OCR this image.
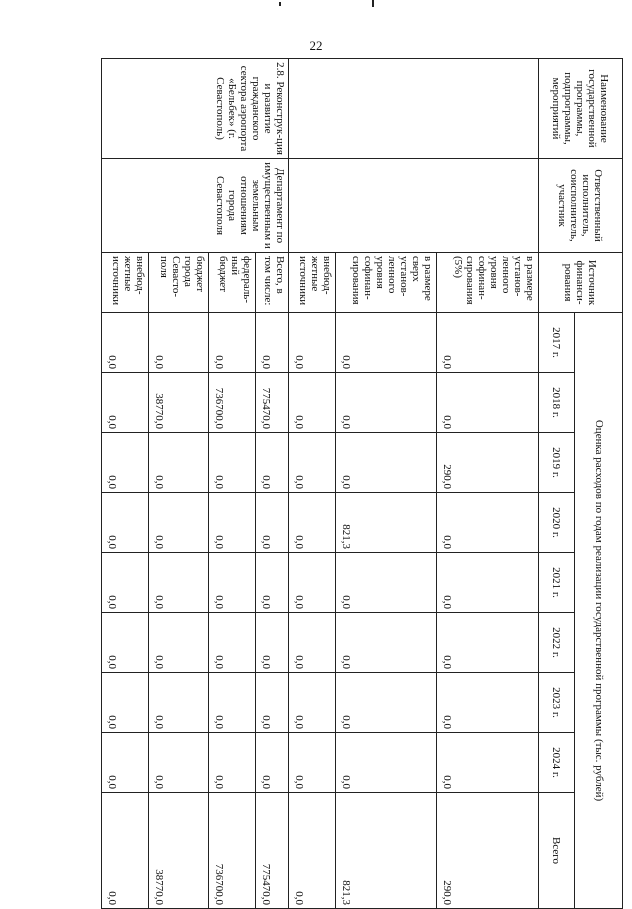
22
Наименование государственной программы, подпрограммы, мероприятий	Ответственный исполнитель, соисполнитель, участник	Источник финанси-рования	Оценка расходов по годам реализации государственной программы (тыс. рублей)								
			2017 г.	2018 г.	2019 г.	2020 г.	2021 г.	2022 г.	2023 г.	2024 г.	Всего
		в размере установ-ленного уровня софинан-сирования (5%)	0,0	0,0	290,0	0,0	0,0	0,0	0,0	0,0	290,0
		в размере сверх установ-ленного уровня софинан-сирования	0,0	0,0	0,0	821,3	0,0	0,0	0,0	0,0	821,3
		внебюд-жетные источники	0,0	0,0	0,0	0,0	0,0	0,0	0,0	0,0	0,0
2.8. Реконструк-ция и развитие гражданского сектора аэропорта «Бельбек» (г. Севастополь)	Департамент по имущественным и земельным отношениям города Севастополя	Всего, в том числе:	0,0	775470,0	0,0	0,0	0,0	0,0	0,0	0,0	775470,0
		федераль-ный бюджет	0,0	736700,0	0,0	0,0	0,0	0,0	0,0	0,0	736700,0
		бюджет города Севасто-поля	0,0	38770,0	0,0	0,0	0,0	0,0	0,0	0,0	38770,0
		внебюд-жетные источники	0,0	0,0	0,0	0,0	0,0	0,0	0,0	0,0	0,0
